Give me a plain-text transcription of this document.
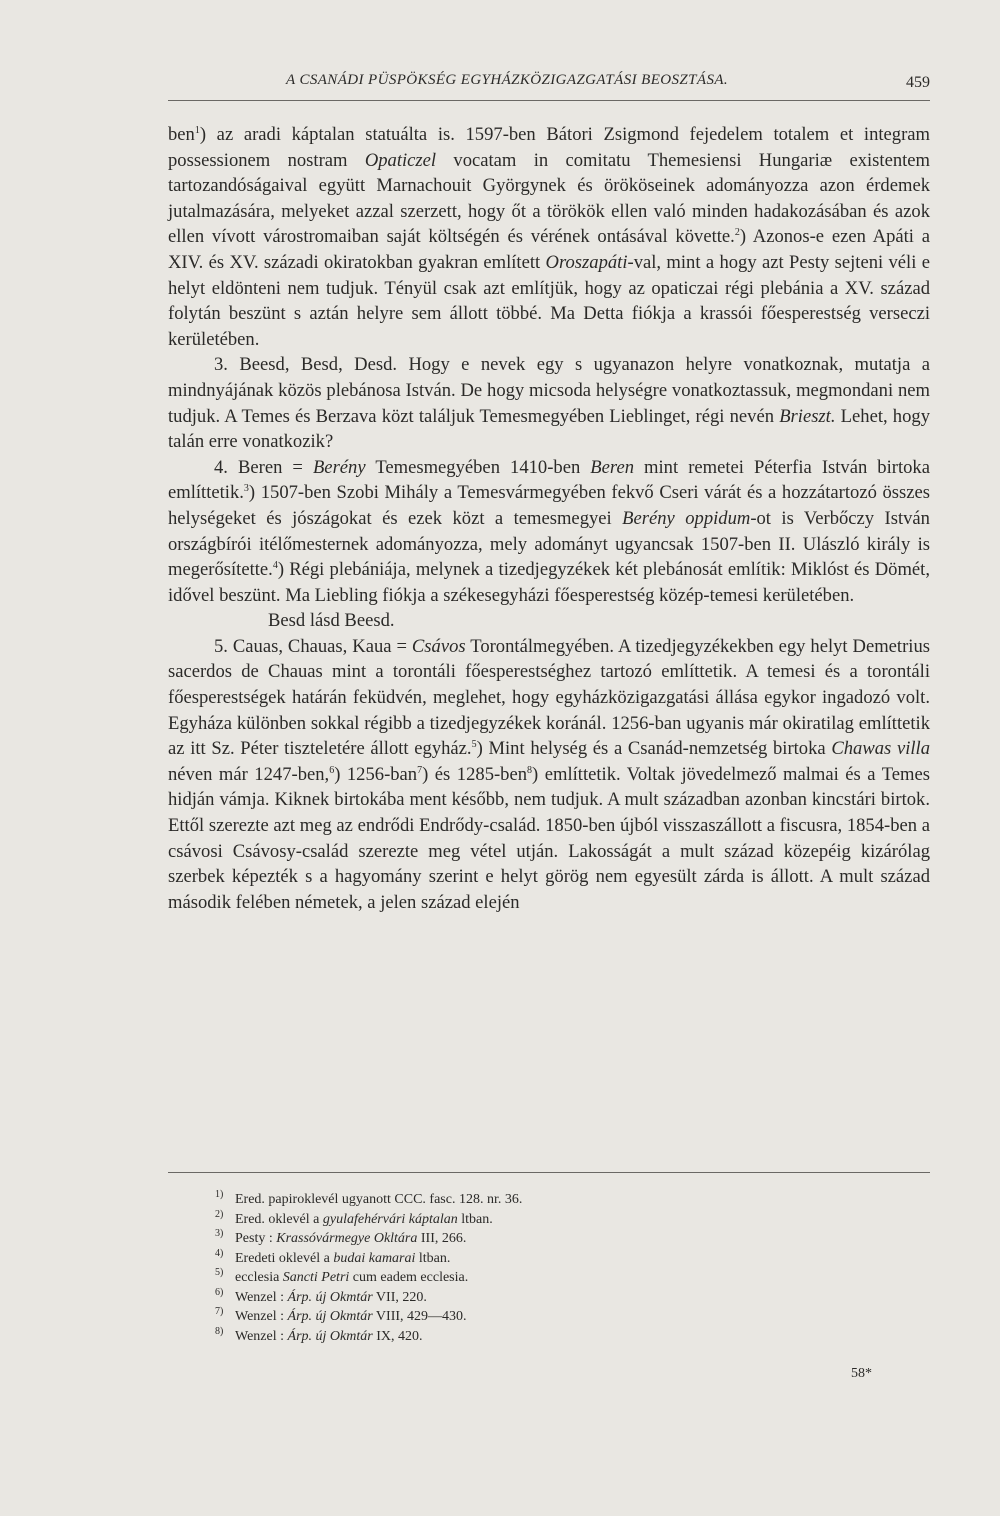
A CSANÁDI PÜSPÖKSÉG EGYHÁZKÖZIGAZGATÁSI BEOSZTÁSA.	459

ben$^1$) az aradi káptalan statuálta is. 1597-ben Bátori Zsigmond fejedelem totalem et integram possessionem nostram Opaticzel vocatam in comitatu Themesiensi Hungariæ existentem tartozandóságaival együtt Marnachouit Györgynek és örököseinek adományozza azon érdemek jutalmazására, melyeket azzal szerzett, hogy őt a törökök ellen való minden hadakozásában és azok ellen vívott várostromaiban saját költségén és vérének ontásával követte.$^2$) Azonos-e ezen Apáti a XIV. és XV. századi okiratokban gyakran említett Oroszapáti-val, mint a hogy azt Pesty sejteni véli e helyt eldönteni nem tudjuk. Tényül csak azt említjük, hogy az opaticzai régi plebánia a XV. század folytán beszünt s aztán helyre sem állott többé. Ma Detta fiókja a krassói főesperestség verseczi kerületében.

3. Beesd, Besd, Desd. Hogy e nevek egy s ugyanazon helyre vonatkoznak, mutatja a mindnyájának közös plebánosa István. De hogy micsoda helységre vonatkoztassuk, megmondani nem tudjuk. A Temes és Berzava közt találjuk Temesmegyében Lieblinget, régi nevén Brieszt. Lehet, hogy talán erre vonatkozik?

4. Beren = Berény Temesmegyében 1410-ben Beren mint remetei Péterfia István birtoka említtetik.$^3$) 1507-ben Szobi Mihály a Temesvármegyében fekvő Cseri várát és a hozzátartozó összes helységeket és jószágokat és ezek közt a temesmegyei Berény oppidum-ot is Verbőczy István országbírói itélőmesternek adományozza, mely adományt ugyancsak 1507-ben II. Ulászló király is megerősítette.$^4$) Régi plebániája, melynek a tizedjegyzékek két plebánosát említik: Miklóst és Dömét, idővel beszünt. Ma Liebling fiókja a székesegyházi főesperestség közép-temesi kerületében.

Besd lásd Beesd.

5. Cauas, Chauas, Kaua = Csávos Torontálmegyében. A tizedjegyzékekben egy helyt Demetrius sacerdos de Chauas mint a torontáli főesperestséghez tartozó említtetik. A temesi és a torontáli főesperestségek határán feküdvén, meglehet, hogy egyházközigazgatási állása egykor ingadozó volt. Egyháza különben sokkal régibb a tizedjegyzékek koránál. 1256-ban ugyanis már okiratilag említtetik az itt Sz. Péter tiszteletére állott egyház.$^5$) Mint helység és a Csanád-nemzetség birtoka Chawas villa néven már 1247-ben,$^6$) 1256-ban$^7$) és 1285-ben$^8$) említtetik. Voltak jövedelmező malmai és a Temes hidján vámja. Kiknek birtokába ment később, nem tudjuk. A mult században azonban kincstári birtok. Ettől szerezte azt meg az endrődi Endrődy-család. 1850-ben újból visszaszállott a fiscusra, 1854-ben a csávosi Csávosy-család szerezte meg vétel utján. Lakosságát a mult század közepéig kizárólag szerbek képezték s a hagyomány szerint e helyt görög nem egyesült zárda is állott. A mult század második felében németek, a jelen század elején

1) Ered. papiroklevél ugyanott CCC. fasc. 128. nr. 36.
2) Ered. oklevél a gyulafehérvári káptalan ltban.
3) Pesty : Krassóvármegye Okltára III, 266.
4) Eredeti oklevél a budai kamarai ltban.
5) ecclesia Sancti Petri cum eadem ecclesia.
6) Wenzel : Árp. új Okmtár VII, 220.
7) Wenzel : Árp. új Okmtár VIII, 429—430.
8) Wenzel : Árp. új Okmtár IX, 420.
58*
